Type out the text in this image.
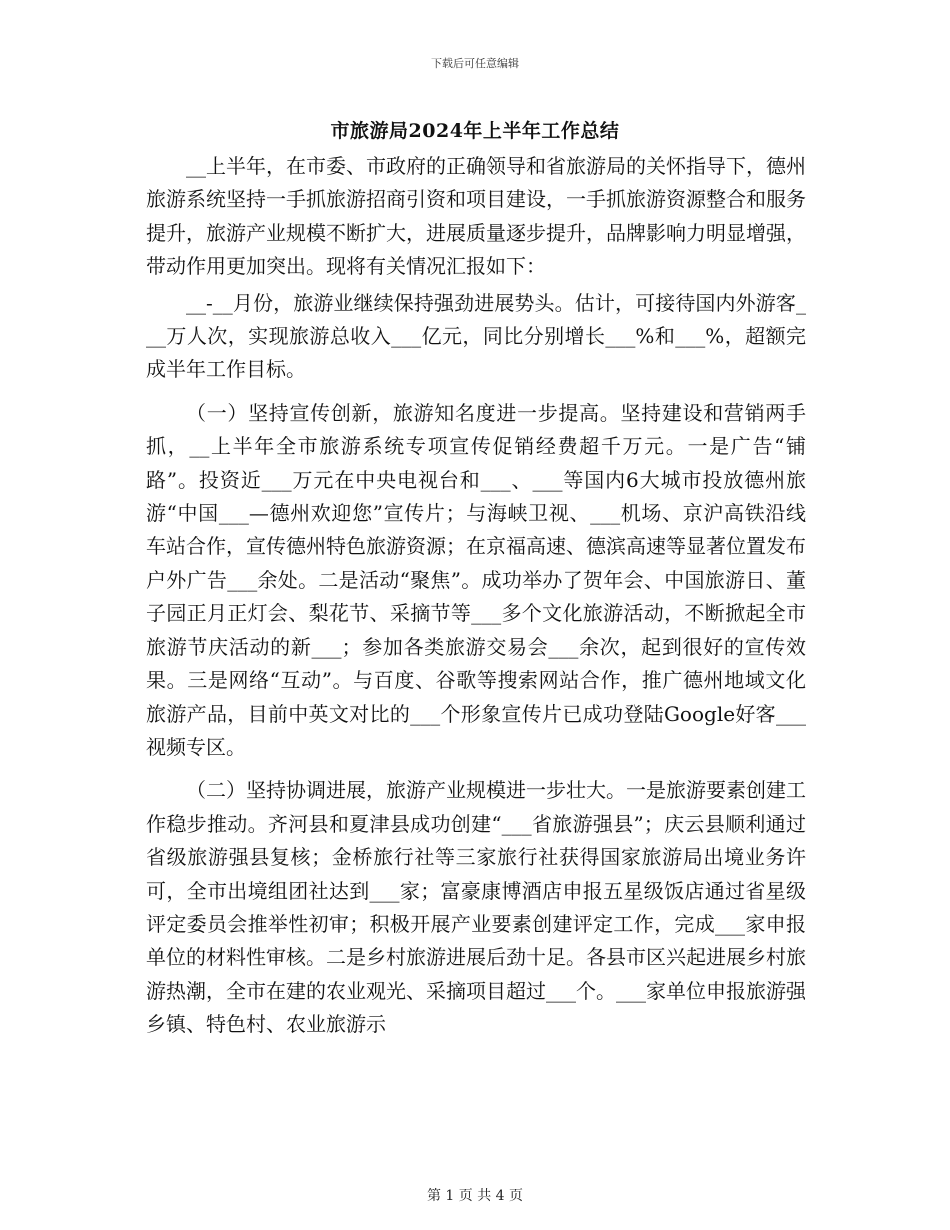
下载后可任意编辑
市旅游局2024年上半年工作总结

__上半年，在市委、市政府的正确领导和省旅游局的关怀指导下，德州旅游系统坚持一手抓旅游招商引资和项目建设，一手抓旅游资源整合和服务提升，旅游产业规模不断扩大，进展质量逐步提升，品牌影响力明显增强，带动作用更加突出。现将有关情况汇报如下：

__-__月份，旅游业继续保持强劲进展势头。估计，可接待国内外游客___万人次，实现旅游总收入___亿元，同比分别增长___%和___%，超额完成半年工作目标。

（一）坚持宣传创新，旅游知名度进一步提高。坚持建设和营销两手抓，__上半年全市旅游系统专项宣传促销经费超千万元。一是广告“铺路”。投资近___万元在中央电视台和___、___等国内6大城市投放德州旅游“中国___—德州欢迎您”宣传片；与海峡卫视、___机场、京沪高铁沿线车站合作，宣传德州特色旅游资源；在京福高速、德滨高速等显著位置发布户外广告___余处。二是活动“聚焦”。成功举办了贺年会、中国旅游日、董子园正月正灯会、梨花节、采摘节等___多个文化旅游活动，不断掀起全市旅游节庆活动的新___；参加各类旅游交易会___余次，起到很好的宣传效果。三是网络“互动”。与百度、谷歌等搜索网站合作，推广德州地域文化旅游产品，目前中英文对比的___个形象宣传片已成功登陆Google好客___视频专区。

（二）坚持协调进展，旅游产业规模进一步壮大。一是旅游要素创建工作稳步推动。齐河县和夏津县成功创建“___省旅游强县”；庆云县顺利通过省级旅游强县复核；金桥旅行社等三家旅行社获得国家旅游局出境业务许可，全市出境组团社达到___家；富豪康博酒店申报五星级饭店通过省星级评定委员会推举性初审；积极开展产业要素创建评定工作，完成___家申报单位的材料性审核。二是乡村旅游进展后劲十足。各县市区兴起进展乡村旅游热潮，全市在建的农业观光、采摘项目超过___个。___家单位申报旅游强乡镇、特色村、农业旅游示

第 1 页 共 4 页
